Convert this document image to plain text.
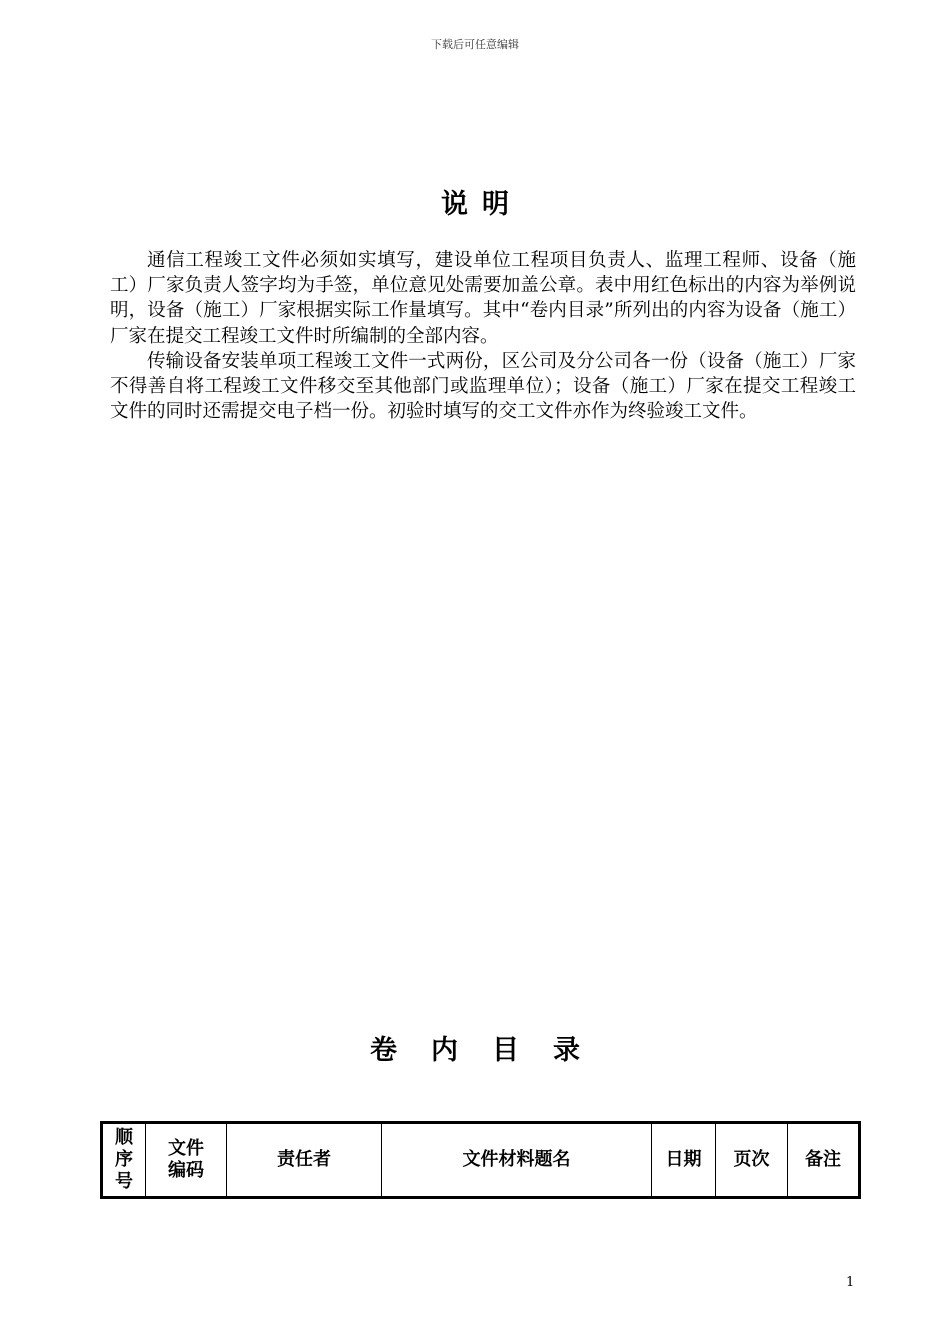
下载后可任意编辑
说明

通信工程竣工文件必须如实填写，建设单位工程项目负责人、监理工程师、设备（施工）厂家负责人签字均为手签，单位意见处需要加盖公章。表中用红色标出的内容为举例说明，设备（施工）厂家根据实际工作量填写。其中“卷内目录”所列出的内容为设备（施工）厂家在提交工程竣工文件时所编制的全部内容。

传输设备安装单项工程竣工文件一式两份，区公司及分公司各一份（设备（施工）厂家不得善自将工程竣工文件移交至其他部门或监理单位）；设备（施工）厂家在提交工程竣工文件的同时还需提交电子档一份。初验时填写的交工文件亦作为终验竣工文件。

卷内目录
顺序号	文件编码	责任者	文件材料题名	日期	页次	备注
1
